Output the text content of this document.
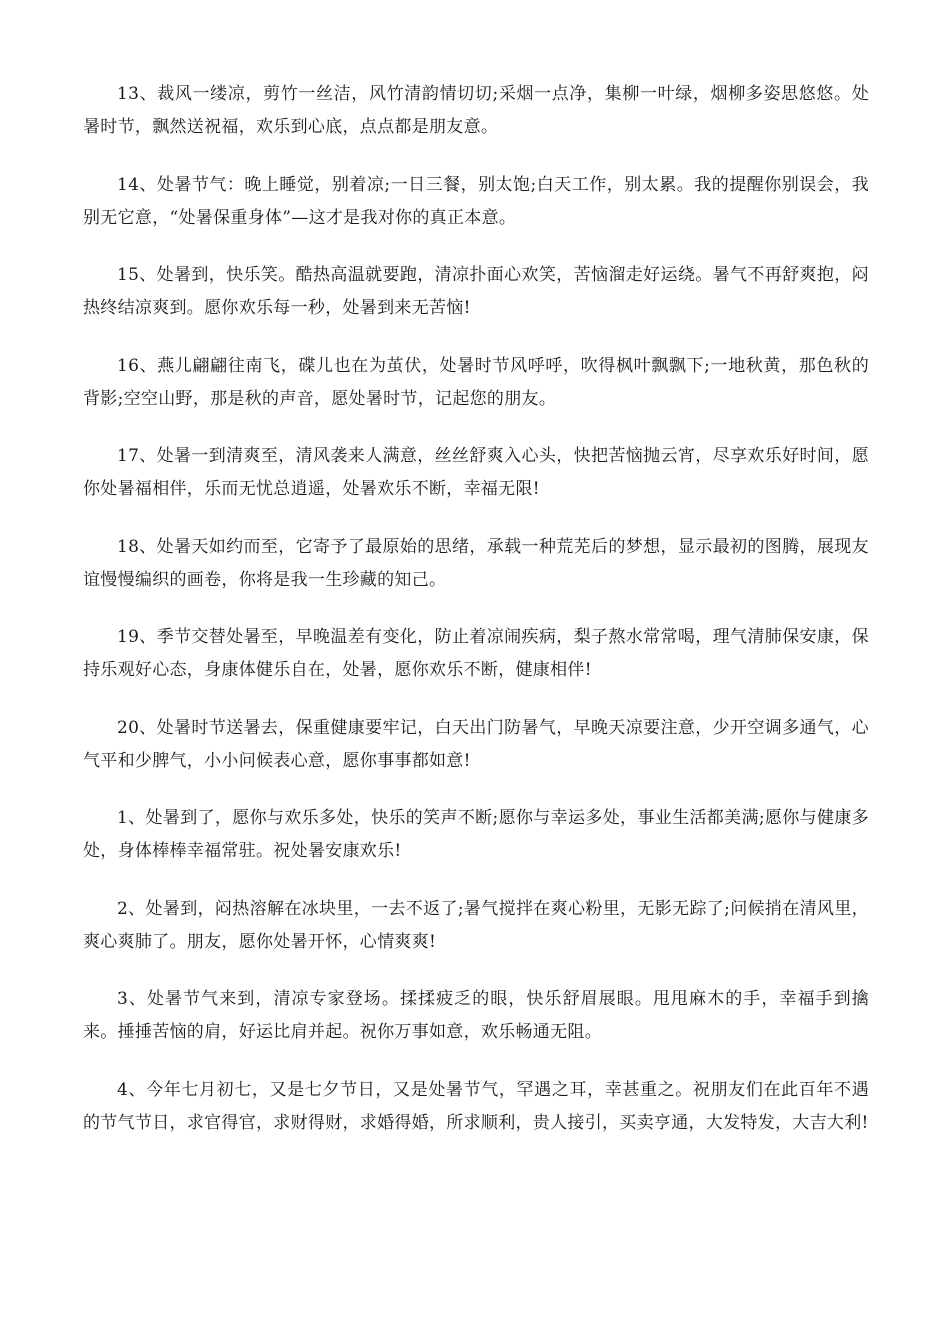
13、裁风一缕凉，剪竹一丝洁，风竹清韵情切切;采烟一点净，集柳一叶绿，烟柳多姿思悠悠。处暑时节，飘然送祝福，欢乐到心底，点点都是朋友意。

14、处暑节气：晚上睡觉，别着凉;一日三餐，别太饱;白天工作，别太累。我的提醒你别误会，我别无它意，“处暑保重身体”—这才是我对你的真正本意。

15、处暑到，快乐笑。酷热高温就要跑，清凉扑面心欢笑，苦恼溜走好运绕。暑气不再舒爽抱，闷热终结凉爽到。愿你欢乐每一秒，处暑到来无苦恼!

16、燕儿翩翩往南飞，碟儿也在为茧伏，处暑时节风呼呼，吹得枫叶飘飘下;一地秋黄，那色秋的背影;空空山野，那是秋的声音，愿处暑时节，记起您的朋友。

17、处暑一到清爽至，清风袭来人满意，丝丝舒爽入心头，快把苦恼抛云宵，尽享欢乐好时间，愿你处暑福相伴，乐而无忧总逍遥，处暑欢乐不断，幸福无限!

18、处暑天如约而至，它寄予了最原始的思绪，承载一种荒芜后的梦想，显示最初的图腾，展现友谊慢慢编织的画卷，你将是我一生珍藏的知己。

19、季节交替处暑至，早晚温差有变化，防止着凉闹疾病，梨子熬水常常喝，理气清肺保安康，保持乐观好心态，身康体健乐自在，处暑，愿你欢乐不断，健康相伴!

20、处暑时节送暑去，保重健康要牢记，白天出门防暑气，早晚天凉要注意，少开空调多通气，心气平和少脾气，小小问候表心意，愿你事事都如意!

1、处暑到了，愿你与欢乐多处，快乐的笑声不断;愿你与幸运多处，事业生活都美满;愿你与健康多处，身体棒棒幸福常驻。祝处暑安康欢乐!

2、处暑到，闷热溶解在冰块里，一去不返了;暑气搅拌在爽心粉里，无影无踪了;问候捎在清风里，爽心爽肺了。朋友，愿你处暑开怀，心情爽爽!

3、处暑节气来到，清凉专家登场。揉揉疲乏的眼，快乐舒眉展眼。甩甩麻木的手，幸福手到擒来。捶捶苦恼的肩，好运比肩并起。祝你万事如意，欢乐畅通无阻。

4、今年七月初七，又是七夕节日，又是处暑节气，罕遇之耳，幸甚重之。祝朋友们在此百年不遇的节气节日，求官得官，求财得财，求婚得婚，所求顺利，贵人接引，买卖亨通，大发特发，大吉大利!
